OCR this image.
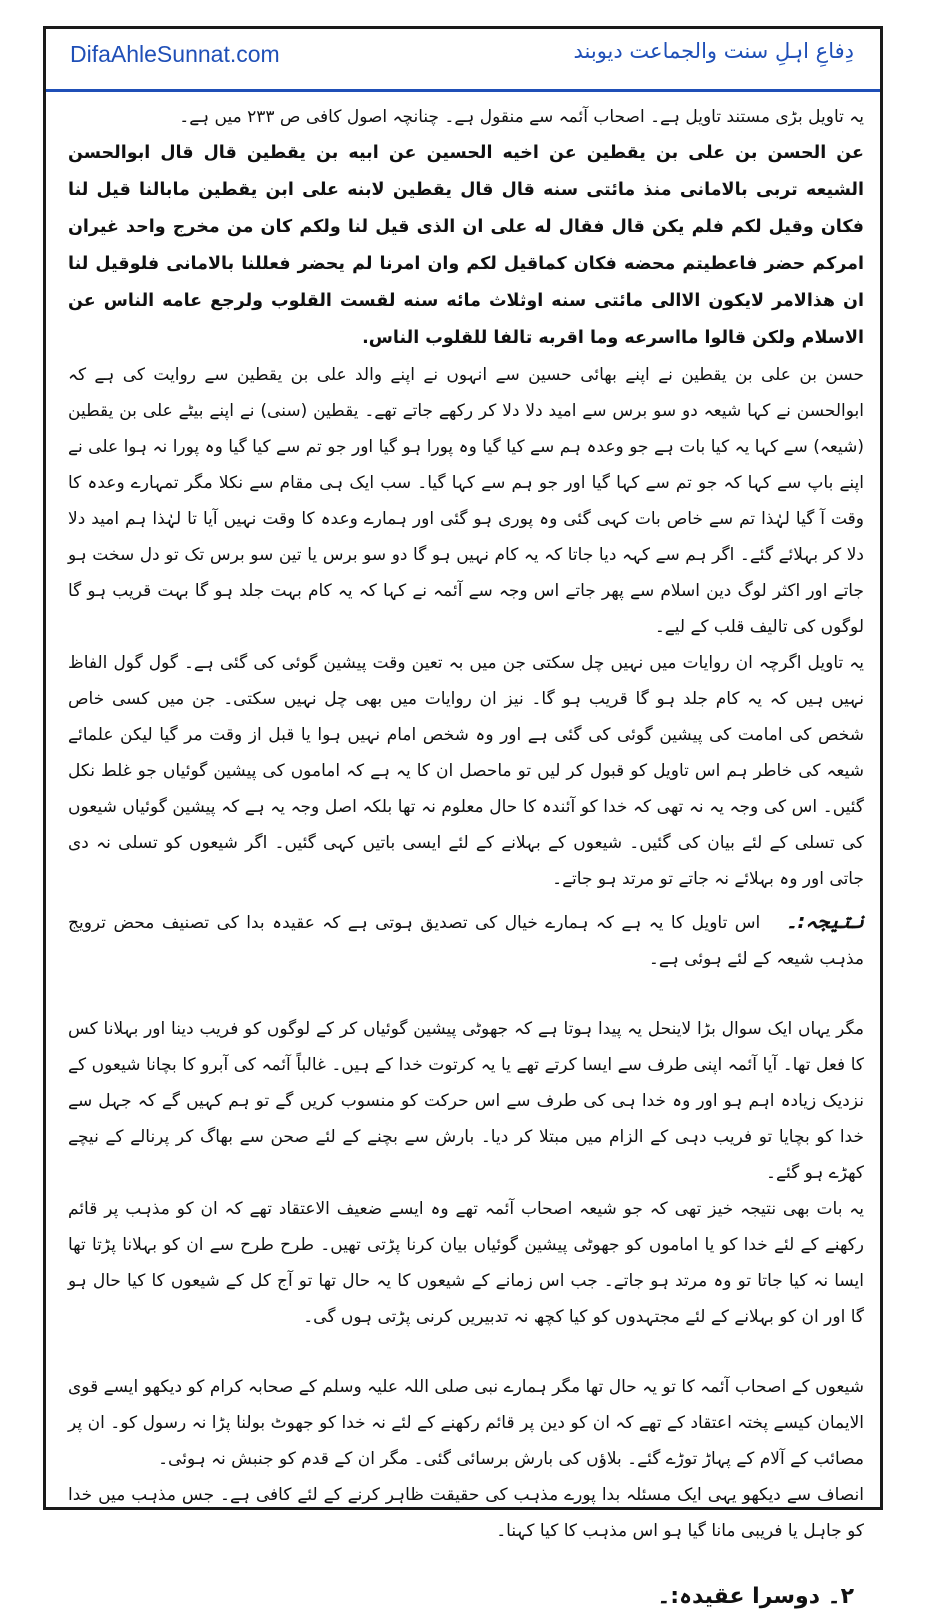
DifaAhleSunnat.com	دِفاعِ اہلِ سنت والجماعت دیوبند

یہ تاویل بڑی مستند تاویل ہے۔ اصحاب آئمہ سے منقول ہے۔ چنانچہ اصول کافی ص ۲۳۳ میں ہے۔

عن الحسن بن علی بن یقطین عن اخیه الحسین عن ابیه بن یقطین قال قال ابوالحسن الشیعه تربی بالامانی منذ مائتی سنه قال قال یقطین لابنه علی ابن یقطین مابالنا قیل لنا فکان وقیل لکم فلم یکن قال فقال له علی ان الذی قیل لنا ولکم کان من مخرج واحد غیران امرکم حضر فاعطیتم محضه فکان کماقیل لکم وان امرنا لم یحضر فعللنا بالامانی فلوقیل لنا ان هذالامر لایکون الاالی مائتی سنه اوثلاث مائه سنه لقست القلوب ولرجع عامه الناس عن الاسلام ولکن قالوا مااسرعه وما اقربه تالفا للقلوب الناس.

حسن بن علی بن یقطین نے اپنے بھائی حسین سے انہوں نے اپنے والد علی بن یقطین سے روایت کی ہے کہ ابوالحسن نے کہا شیعہ دو سو برس سے امید دلا دلا کر رکھے جاتے تھے۔ یقطین (سنی) نے اپنے بیٹے علی بن یقطین (شیعہ) سے کہا یہ کیا بات ہے جو وعدہ ہم سے کیا گیا وہ پورا ہو گیا اور جو تم سے کیا گیا وہ پورا نہ ہوا علی نے اپنے باپ سے کہا کہ جو تم سے کہا گیا اور جو ہم سے کہا گیا۔ سب ایک ہی مقام سے نکلا مگر تمہارے وعدہ کا وقت آ گیا لہٰذا تم سے خاص بات کہی گئی وہ پوری ہو گئی اور ہمارے وعدہ کا وقت نہیں آیا تا لہٰذا ہم امید دلا دلا کر بہلائے گئے۔ اگر ہم سے کہہ دیا جاتا کہ یہ کام نہیں ہو گا دو سو برس یا تین سو برس تک تو دل سخت ہو جاتے اور اکثر لوگ دین اسلام سے پھر جاتے اس وجہ سے آئمہ نے کہا کہ یہ کام بہت جلد ہو گا بہت قریب ہو گا لوگوں کی تالیف قلب کے لیے۔

یہ تاویل اگرچہ ان روایات میں نہیں چل سکتی جن میں بہ تعین وقت پیشین گوئی کی گئی ہے۔ گول گول الفاظ نہیں ہیں کہ یہ کام جلد ہو گا قریب ہو گا۔ نیز ان روایات میں بھی چل نہیں سکتی۔ جن میں کسی خاص شخص کی امامت کی پیشین گوئی کی گئی ہے اور وہ شخص امام نہیں ہوا یا قبل از وقت مر گیا لیکن علمائے شیعہ کی خاطر ہم اس تاویل کو قبول کر لیں تو ماحصل ان کا یہ ہے کہ اماموں کی پیشین گوئیاں جو غلط نکل گئیں۔ اس کی وجہ یہ نہ تھی کہ خدا کو آئندہ کا حال معلوم نہ تھا بلکہ اصل وجہ یہ ہے کہ پیشین گوئیاں شیعوں کی تسلی کے لئے بیان کی گئیں۔ شیعوں کے بہلانے کے لئے ایسی باتیں کہی گئیں۔ اگر شیعوں کو تسلی نہ دی جاتی اور وہ بہلائے نہ جاتے تو مرتد ہو جاتے۔

نتیجہ:۔ اس تاویل کا یہ ہے کہ ہمارے خیال کی تصدیق ہوتی ہے کہ عقیدہ بدا کی تصنیف محض ترویج مذہب شیعہ کے لئے ہوئی ہے۔

مگر یہاں ایک سوال بڑا لاینحل یہ پیدا ہوتا ہے کہ جھوٹی پیشین گوئیاں کر کے لوگوں کو فریب دینا اور بہلانا کس کا فعل تھا۔ آیا آئمہ اپنی طرف سے ایسا کرتے تھے یا یہ کرتوت خدا کے ہیں۔ غالباً آئمہ کی آبرو کا بچانا شیعوں کے نزدیک زیادہ اہم ہو اور وہ خدا ہی کی طرف سے اس حرکت کو منسوب کریں گے تو ہم کہیں گے کہ جہل سے خدا کو بچایا تو فریب دہی کے الزام میں مبتلا کر دیا۔ بارش سے بچنے کے لئے صحن سے بھاگ کر پرنالے کے نیچے کھڑے ہو گئے۔

یہ بات بھی نتیجہ خیز تھی کہ جو شیعہ اصحاب آئمہ تھے وہ ایسے ضعیف الاعتقاد تھے کہ ان کو مذہب پر قائم رکھنے کے لئے خدا کو یا اماموں کو جھوٹی پیشین گوئیاں بیان کرنا پڑتی تھیں۔ طرح طرح سے ان کو بہلانا پڑتا تھا ایسا نہ کیا جاتا تو وہ مرتد ہو جاتے۔ جب اس زمانے کے شیعوں کا یہ حال تھا تو آج کل کے شیعوں کا کیا حال ہو گا اور ان کو بہلانے کے لئے مجتہدوں کو کیا کچھ نہ تدبیریں کرنی پڑتی ہوں گی۔

شیعوں کے اصحاب آئمہ کا تو یہ حال تھا مگر ہمارے نبی صلی اللہ علیہ وسلم کے صحابہ کرام کو دیکھو ایسے قوی الایمان کیسے پختہ اعتقاد کے تھے کہ ان کو دین پر قائم رکھنے کے لئے نہ خدا کو جھوٹ بولنا پڑا نہ رسول کو۔ ان پر مصائب کے آلام کے پہاڑ توڑے گئے۔ بلاؤں کی بارش برسائی گئی۔ مگر ان کے قدم کو جنبش نہ ہوئی۔

انصاف سے دیکھو یہی ایک مسئلہ بدا پورے مذہب کی حقیقت ظاہر کرنے کے لئے کافی ہے۔ جس مذہب میں خدا کو جاہل یا فریبی مانا گیا ہو اس مذہب کا کیا کہنا۔

۲۔ دوسرا عقیدہ:۔
